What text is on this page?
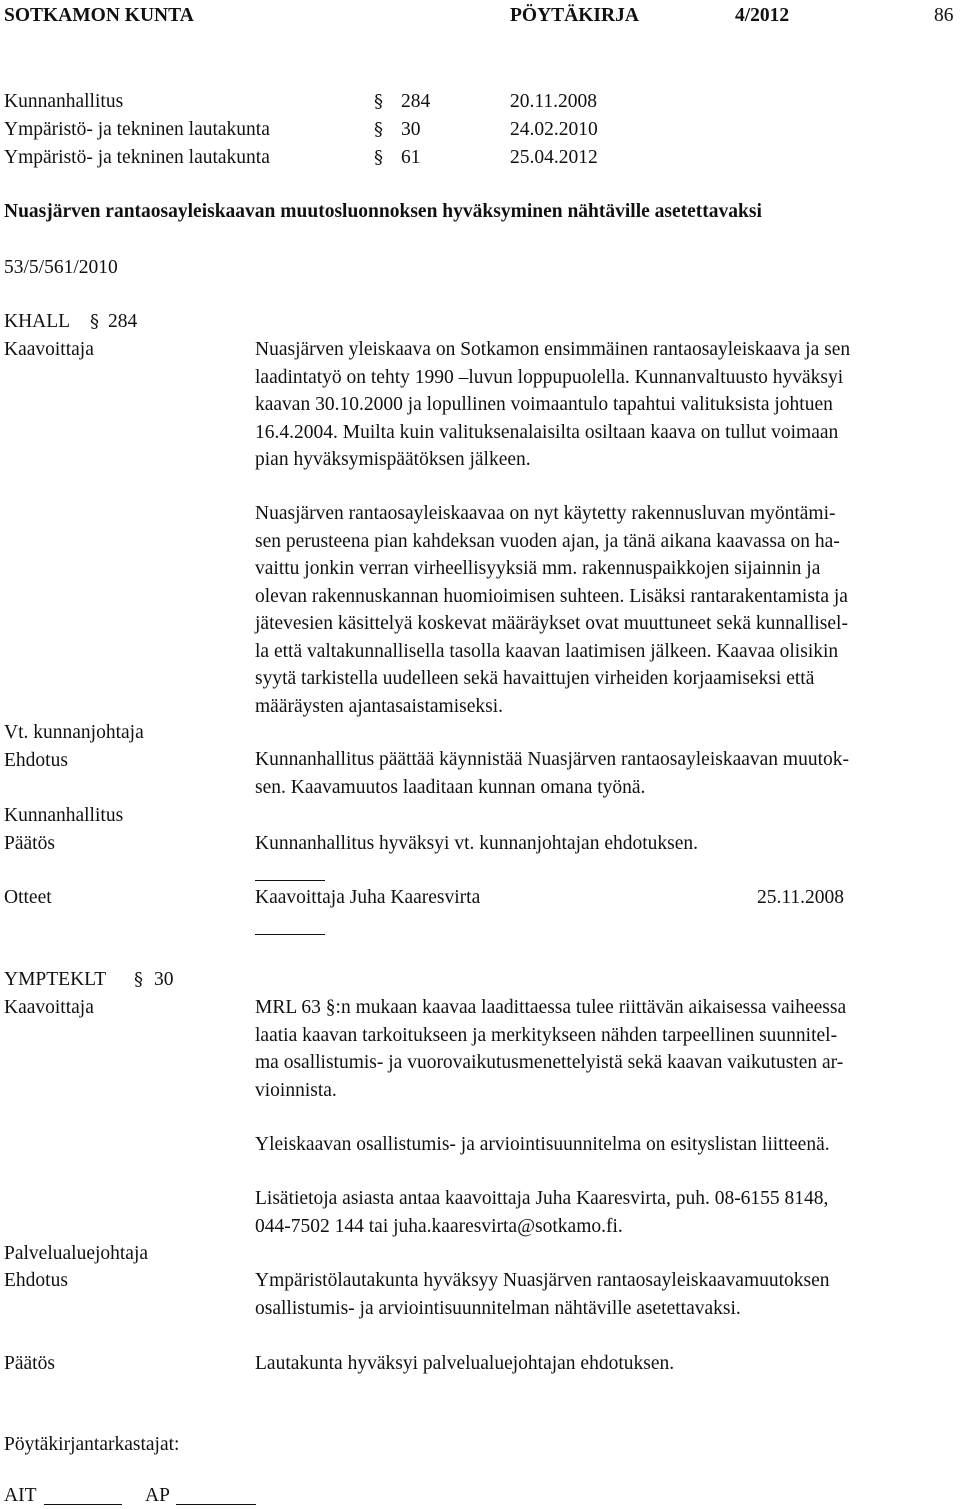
SOTKAMON KUNTA	PÖYTÄKIRJA	4/2012	86
Kunnanhallitus	§ 284	20.11.2008
Ympäristö- ja tekninen lautakunta	§ 30	24.02.2010
Ympäristö- ja tekninen lautakunta	§ 61	25.04.2012
Nuasjärven rantaosayleiskaavan muutosluonnoksen hyväksyminen nähtäville asetettavaksi
53/5/561/2010
KHALL § 284
Kaavoittaja	Nuasjärven yleiskaava on Sotkamon ensimmäinen rantaosayleiskaava ja sen
laadintatyö on tehty 1990 –luvun loppupuolella. Kunnanvaltuusto hyväksyi
kaavan 30.10.2000 ja lopullinen voimaantulo tapahtui valituksista johtuen
16.4.2004. Muilta kuin valituksenalaisilta osiltaan kaava on tullut voimaan
pian hyväksymispäätöksen jälkeen.
Nuasjärven rantaosayleiskaavaa on nyt käytetty rakennusluvan myöntämi-
sen perusteena pian kahdeksan vuoden ajan, ja tänä aikana kaavassa on ha-
vaittu jonkin verran virheellisyyksiä mm. rakennuspaikkojen sijainnin ja
olevan rakennuskannan huomioimisen suhteen. Lisäksi rantarakentamista ja
jätevesien käsittelyä koskevat määräykset ovat muuttuneet sekä kunnallisel-
la että valtakunnallisella tasolla kaavan laatimisen jälkeen. Kaavaa olisikin
syytä tarkistella uudelleen sekä havaittujen virheiden korjaamiseksi että
määräysten ajantasaistamiseksi.
Vt. kunnanjohtaja
Ehdotus	Kunnanhallitus päättää käynnistää Nuasjärven rantaosayleiskaavan muutok-
sen. Kaavamuutos laaditaan kunnan omana työnä.
Kunnanhallitus
Päätös	Kunnanhallitus hyväksyi vt. kunnanjohtajan ehdotuksen.
Otteet	Kaavoittaja Juha Kaaresvirta	25.11.2008
YMPTEKLT § 30
Kaavoittaja	MRL 63 §:n mukaan kaavaa laadittaessa tulee riittävän aikaisessa vaiheessa
laatia kaavan tarkoitukseen ja merkitykseen nähden tarpeellinen suunnitel-
ma osallistumis- ja vuorovaikutusmenettelyistä sekä kaavan vaikutusten ar-
vioinnista.
Yleiskaavan osallistumis- ja arviointisuunnitelma on esityslistan liitteenä.
Lisätietoja asiasta antaa kaavoittaja Juha Kaaresvirta, puh. 08-6155 8148,
044-7502 144 tai juha.kaaresvirta@sotkamo.fi.
Palvelualuejohtaja
Ehdotus	Ympäristölautakunta hyväksyy Nuasjärven rantaosayleiskaavamuutoksen
osallistumis- ja arviointisuunnitelman nähtäville asetettavaksi.
Päätös	Lautakunta hyväksyi palvelualuejohtajan ehdotuksen.
Pöytäkirjantarkastajat:
AIT	AP
